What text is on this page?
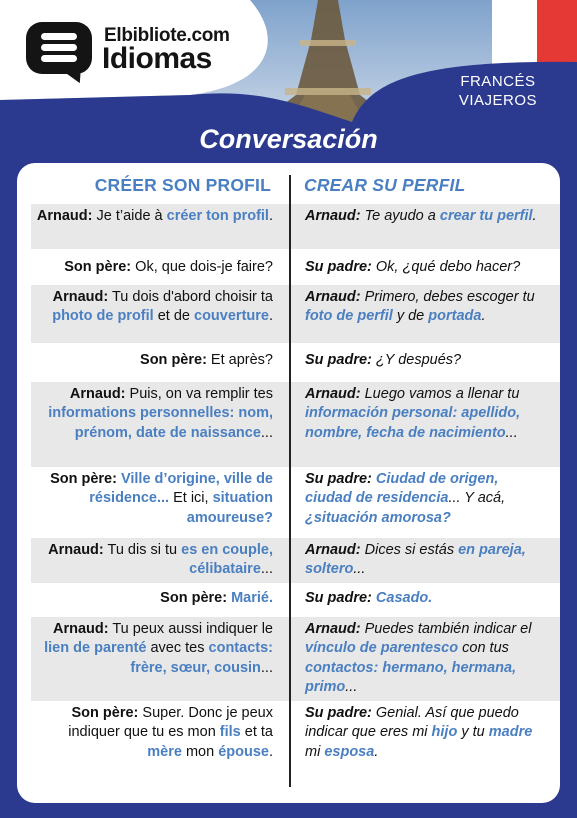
Elbibliote.com
Idiomas
FRANCÉS
VIAJEROS
Conversación
CRÉER SON PROFIL CREAR SU PERFIL
Arnaud: Je t’aide à créer ton profil. Arnaud: Te ayudo a crear tu perfil.
Son père: Ok, que dois-je faire? Su padre: Ok, ¿qué debo hacer?
Arnaud: Tu dois d'abord choisir ta photo de profil et de couverture.
Arnaud: Primero, debes escoger tu foto de perfil y de portada.
Son père: Et après? Su padre: ¿Y después?
Arnaud: Puis, on va remplir tes informations personnelles: nom, prénom, date de naissance...
Arnaud: Luego vamos a llenar tu información personal: apellido, nombre, fecha de nacimiento...
Son père: Ville d’origine, ville de résidence... Et ici, situation amoureuse?
Su padre: Ciudad de origen, ciudad de residencia... Y acá, ¿situación amorosa?
Arnaud: Tu dis si tu es en couple, célibataire...
Arnaud: Dices si estás en pareja, soltero...
Son père: Marié. Su padre: Casado.
Arnaud: Tu peux aussi indiquer le lien de parenté avec tes contacts: frère, sœur, cousin...
Arnaud: Puedes también indicar el vínculo de parentesco con tus contactos: hermano, hermana, primo...
Son père: Super. Donc je peux indiquer que tu es mon fils et ta mère mon épouse.
Su padre: Genial. Así que puedo indicar que eres mi hijo y tu madre mi esposa.
